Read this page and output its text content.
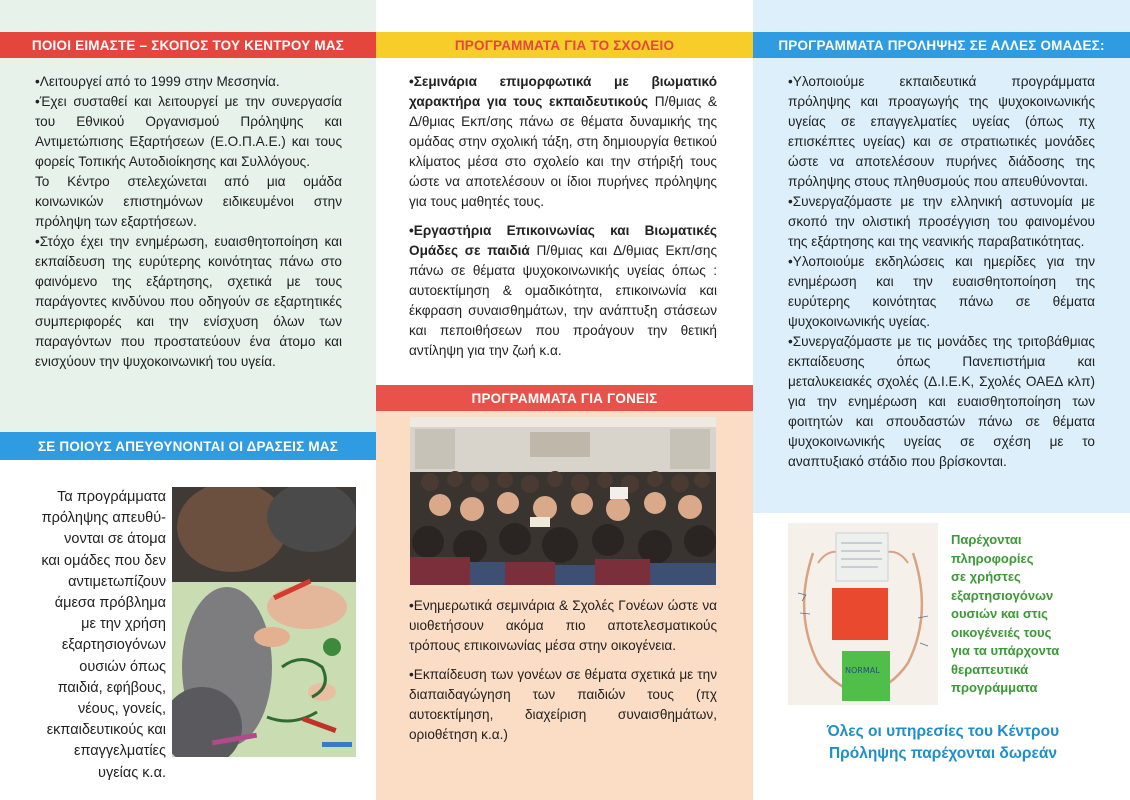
ΠΟΙΟΙ ΕΙΜΑΣΤΕ – ΣΚΟΠΟΣ ΤΟΥ ΚΕΝΤΡΟΥ ΜΑΣ

•Λειτουργεί από το 1999 στην Μεσσηνία.

•Έχει συσταθεί και λειτουργεί με την συνεργασία του Εθνικού Οργανισμού Πρόληψης και Αντιμετώπισης Εξαρτήσεων (Ε.Ο.Π.Α.Ε.) και τους φορείς Τοπικής Αυτοδιοίκησης και Συλλόγους.

Το Κέντρο στελεχώνεται από μια ομάδα κοινωνικών επιστημόνων ειδικευμένοι στην πρόληψη των εξαρτήσεων.

•Στόχο έχει την ενημέρωση, ευαισθητοποίηση και εκπαίδευση της ευρύτερης κοινότητας πάνω στο φαινόμενο της εξάρτησης, σχετικά με τους παράγοντες κινδύνου που οδηγούν σε εξαρτητικές συμπεριφορές και την ενίσχυση όλων των παραγόντων που προστατεύουν ένα άτομο και ενισχύουν την ψυχοκοινωνική του υγεία.

ΣΕ ΠΟΙΟΥΣ ΑΠΕΥΘΥΝΟΝΤΑΙ ΟΙ ΔΡΑΣΕΙΣ ΜΑΣ
Τα προγράμματα
πρόληψης απευθύ-
νονται σε άτομα
και ομάδες που δεν
αντιμετωπίζουν
άμεσα πρόβλημα
με την χρήση
εξαρτησιογόνων
ουσιών όπως
παιδιά, εφήβους,
νέους, γονείς,
εκπαιδευτικούς και
επαγγελματίες
υγείας κ.α.
ΠΡΟΓΡΑΜΜΑΤΑ ΓΙΑ ΤΟ ΣΧΟΛΕΙΟ

•Σεμινάρια επιμορφωτικά με βιωματικό χαρακτήρα για τους εκπαιδευτικούς Π/θμιας & Δ/θμιας Εκπ/σης πάνω σε θέματα δυναμικής της ομάδας στην σχολική τάξη, στη δημιουργία θετικού κλίματος μέσα στο σχολείο και την στήριξή τους ώστε να αποτελέσουν οι ίδιοι πυρήνες πρόληψης για τους μαθητές τους.

•Εργαστήρια Επικοινωνίας και Βιωματικές Ομάδες σε παιδιά Π/θμιας και Δ/θμιας Εκπ/σης πάνω σε θέματα ψυχοκοινωνικής υγείας όπως : αυτοεκτίμηση & ομαδικότητα, επικοινωνία και έκφραση συναισθημάτων, την ανάπτυξη στάσεων και πεποιθήσεων που προάγουν την θετική αντίληψη για την ζωή κ.α.

ΠΡΟΓΡΑΜΜΑΤΑ ΓΙΑ ΓΟΝΕΙΣ

•Ενημερωτικά σεμινάρια & Σχολές Γονέων ώστε να υιοθετήσουν ακόμα πιο αποτελεσματικούς τρόπους επικοινωνίας μέσα στην οικογένεια.

•Εκπαίδευση των γονέων σε θέματα σχετικά με την διαπαιδαγώγηση των παιδιών τους (πχ αυτοεκτίμηση, διαχείριση συναισθημάτων, οριοθέτηση κ.α.)

ΠΡΟΓΡΑΜΜΑΤΑ ΠΡΟΛΗΨΗΣ ΣΕ ΑΛΛΕΣ ΟΜΑΔΕΣ:

•Υλοποιούμε εκπαιδευτικά προγράμματα πρόληψης και προαγωγής της ψυχοκοινωνικής υγείας σε επαγγελματίες υγείας (όπως πχ επισκέπτες υγείας) και σε στρατιωτικές μονάδες ώστε να αποτελέσουν πυρήνες διάδοσης της πρόληψης στους πληθυσμούς που απευθύνονται.

•Συνεργαζόμαστε με την ελληνική αστυνομία με σκοπό την ολιστική προσέγγιση του φαινομένου της εξάρτησης και της νεανικής παραβατικότητας.

•Υλοποιούμε εκδηλώσεις και ημερίδες για την ενημέρωση και την ευαισθητοποίηση της ευρύτερης κοινότητας πάνω σε θέματα ψυχοκοινωνικής υγείας.

•Συνεργαζόμαστε με τις μονάδες της τριτοβάθμιας εκπαίδευσης όπως Πανεπιστήμια και μεταλυκειακές σχολές (Δ.Ι.Ε.Κ, Σχολές ΟΑΕΔ κλπ) για την ενημέρωση και ευαισθητοποίηση των φοιτητών και σπουδαστών πάνω σε θέματα ψυχοκοινωνικής υγείας σε σχέση με το αναπτυξιακό στάδιο που βρίσκονται.

NORMAL
Παρέχονται
πληροφορίες
σε χρήστες
εξαρτησιογόνων
ουσιών και στις
οικογένειές τους
για τα υπάρχοντα
θεραπευτικά
προγράμματα
Όλες οι υπηρεσίες του Κέντρου
Πρόληψης παρέχονται δωρεάν
